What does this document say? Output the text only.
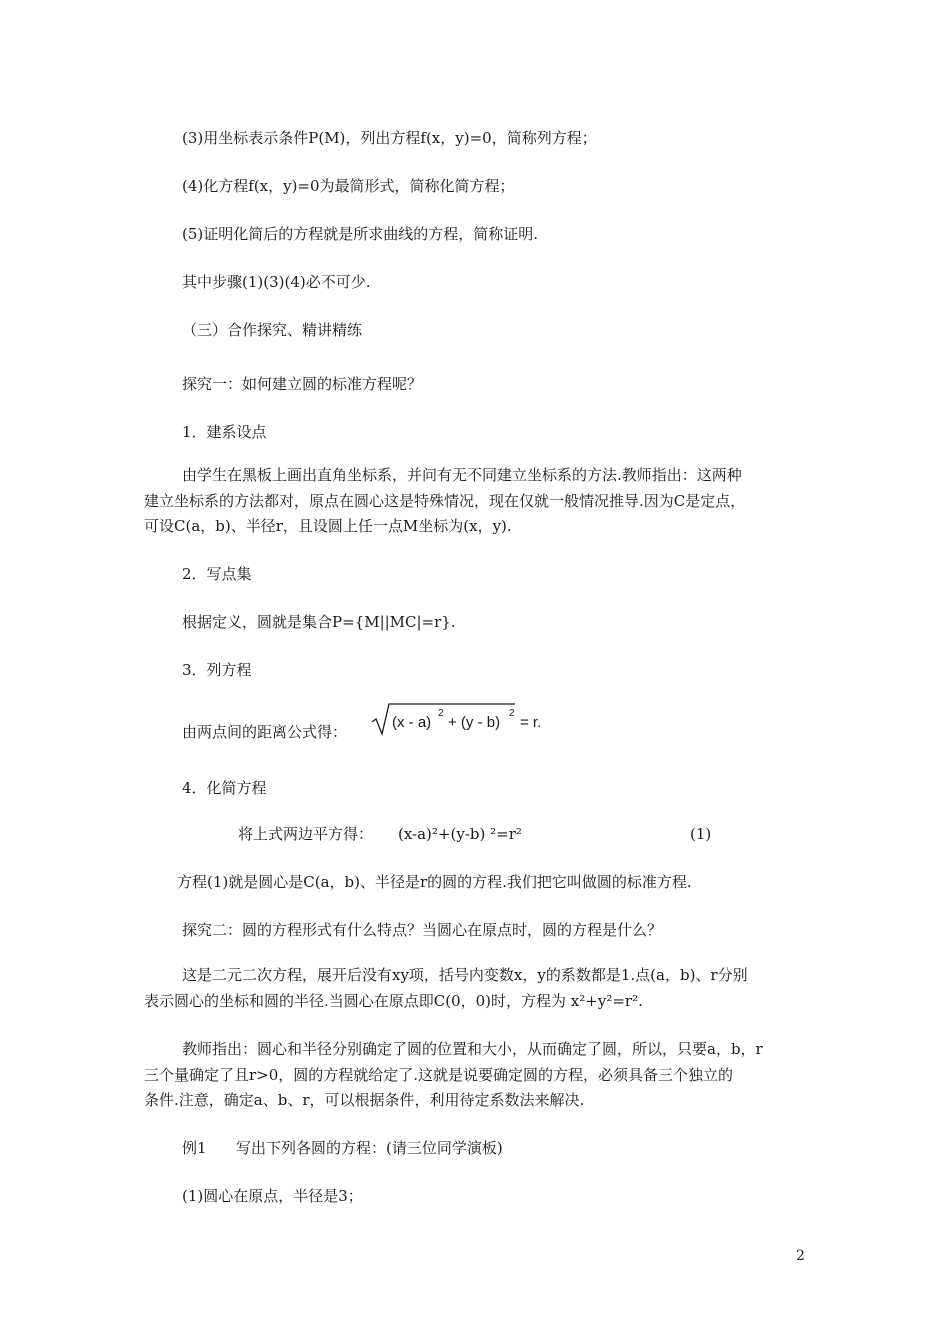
(3)用坐标表示条件P(M)，列出方程f(x，y)=0，简称列方程；
(4)化方程f(x，y)=0为最简形式，简称化简方程；
(5)证明化简后的方程就是所求曲线的方程，简称证明.
其中步骤(1)(3)(4)必不可少.
（三）合作探究、精讲精练
探究一：如何建立圆的标准方程呢？
1．建系设点
由学生在黑板上画出直角坐标系，并问有无不同建立坐标系的方法.教师指出：这两种
建立坐标系的方法都对，原点在圆心这是特殊情况，现在仅就一般情况推导.因为C是定点，
可设C(a，b)、半径r，且设圆上任一点M坐标为(x，y).
2．写点集
根据定义，圆就是集合P={M||MC|=r}.
3．列方程
由两点间的距离公式得：
(x - a)
2
+ (y - b)
2
= r.
4．化简方程
将上式两边平方得： (x-a)²+(y-b) ²=r²	(1)
方程(1)就是圆心是C(a，b)、半径是r的圆的方程.我们把它叫做圆的标准方程.
探究二：圆的方程形式有什么特点？当圆心在原点时，圆的方程是什么？
这是二元二次方程，展开后没有xy项，括号内变数x，y的系数都是1.点(a，b)、r分别
表示圆心的坐标和圆的半径.当圆心在原点即C(0，0)时，方程为 x²+y²=r².
教师指出：圆心和半径分别确定了圆的位置和大小，从而确定了圆，所以，只要a，b，r
三个量确定了且r>0，圆的方程就给定了.这就是说要确定圆的方程，必须具备三个独立的
条件.注意，确定a、b、r，可以根据条件，利用待定系数法来解决.
例1 写出下列各圆的方程：(请三位同学演板)
(1)圆心在原点，半径是3；
2
